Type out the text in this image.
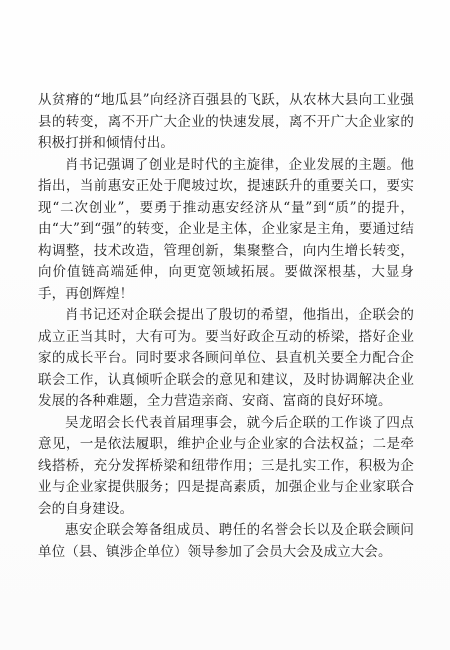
从贫瘠的“地瓜县”向经济百强县的飞跃，从农林大县向工业强县的转变，离不开广大企业的快速发展，离不开广大企业家的积极打拼和倾情付出。

肖书记强调了创业是时代的主旋律，企业发展的主题。他指出，当前惠安正处于爬坡过坎，提速跃升的重要关口，要实现“二次创业”，要勇于推动惠安经济从“量”到“质”的提升，由“大”到“强”的转变，企业是主体，企业家是主角，要通过结构调整，技术改造，管理创新，集聚整合，向内生增长转变，向价值链高端延伸，向更宽领域拓展。要做深根基，大显身手，再创辉煌！

肖书记还对企联会提出了殷切的希望，他指出，企联会的成立正当其时，大有可为。要当好政企互动的桥梁，搭好企业家的成长平台。同时要求各顾问单位、县直机关要全力配合企联会工作，认真倾听企联会的意见和建议，及时协调解决企业发展的各种难题，全力营造亲商、安商、富商的良好环境。

吴龙昭会长代表首届理事会，就今后企联的工作谈了四点意见，一是依法履职，维护企业与企业家的合法权益；二是牵线搭桥，充分发挥桥梁和纽带作用；三是扎实工作，积极为企业与企业家提供服务；四是提高素质，加强企业与企业家联合会的自身建设。

惠安企联会筹备组成员、聘任的名誉会长以及企联会顾问单位（县、镇涉企单位）领导参加了会员大会及成立大会。
